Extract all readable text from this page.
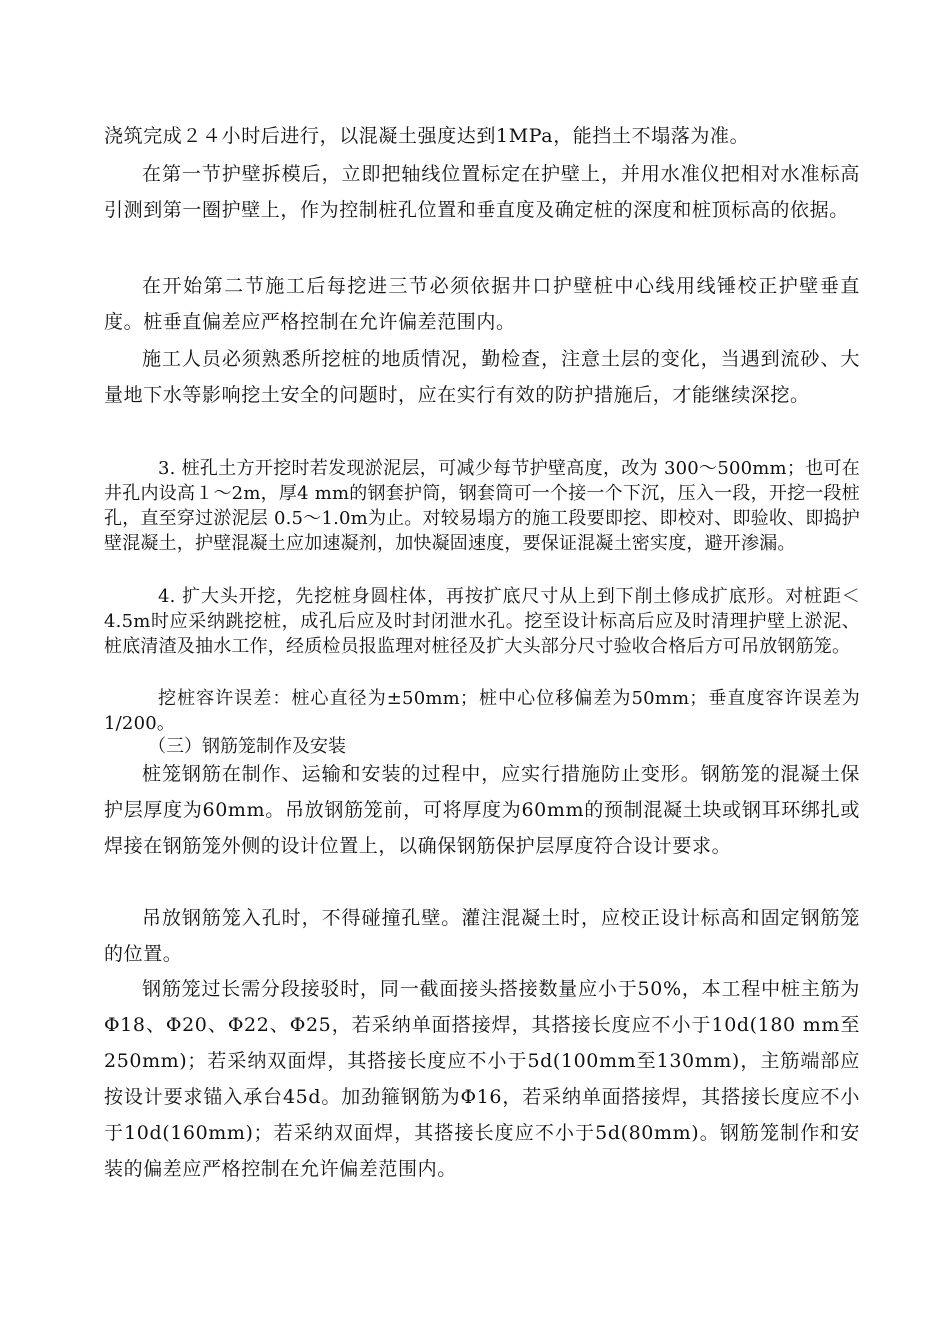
浇筑完成２４小时后进行，以混凝土强度达到1MPa，能挡土不塌落为准。

在第一节护壁拆模后，立即把轴线位置标定在护壁上，并用水准仪把相对水准标高引测到第一圈护壁上，作为控制桩孔位置和垂直度及确定桩的深度和桩顶标高的依据。

在开始第二节施工后每挖进三节必须依据井口护壁桩中心线用线锤校正护壁垂直度。桩垂直偏差应严格控制在允许偏差范围内。

施工人员必须熟悉所挖桩的地质情况，勤检查，注意土层的变化，当遇到流砂、大量地下水等影响挖土安全的问题时，应在实行有效的防护措施后，才能继续深挖。

3. 桩孔土方开挖时若发现淤泥层，可减少每节护壁高度，改为 300～500mm；也可在井孔内设高１～2m，厚4 mm的钢套护筒，钢套筒可一个接一个下沉，压入一段，开挖一段桩孔，直至穿过淤泥层 0.5～1.0m为止。对较易塌方的施工段要即挖、即校对、即验收、即捣护壁混凝土，护壁混凝土应加速凝剂，加快凝固速度，要保证混凝土密实度，避开渗漏。

4. 扩大头开挖，先挖桩身圆柱体，再按扩底尺寸从上到下削土修成扩底形。对桩距＜4.5m时应采纳跳挖桩，成孔后应及时封闭泄水孔。挖至设计标高后应及时清理护壁上淤泥、桩底清渣及抽水工作，经质检员报监理对桩径及扩大头部分尺寸验收合格后方可吊放钢筋笼。

挖桩容许误差：桩心直径为±50mm；桩中心位移偏差为50mm；垂直度容许误差为1/200。

（三）钢筋笼制作及安装

桩笼钢筋在制作、运输和安装的过程中，应实行措施防止变形。钢筋笼的混凝土保护层厚度为60mm。吊放钢筋笼前，可将厚度为60mm的预制混凝土块或钢耳环绑扎或焊接在钢筋笼外侧的设计位置上，以确保钢筋保护层厚度符合设计要求。

吊放钢筋笼入孔时，不得碰撞孔壁。灌注混凝土时，应校正设计标高和固定钢筋笼的位置。

钢筋笼过长需分段接驳时，同一截面接头搭接数量应小于50%，本工程中桩主筋为Φ18、Φ20、Φ22、Φ25，若采纳单面搭接焊，其搭接长度应不小于10d(180 mm至250mm)；若采纳双面焊，其搭接长度应不小于5d(100mm至130mm)，主筋端部应按设计要求锚入承台45d。加劲箍钢筋为Φ16，若采纳单面搭接焊，其搭接长度应不小于10d(160mm)；若采纳双面焊，其搭接长度应不小于5d(80mm)。钢筋笼制作和安装的偏差应严格控制在允许偏差范围内。
